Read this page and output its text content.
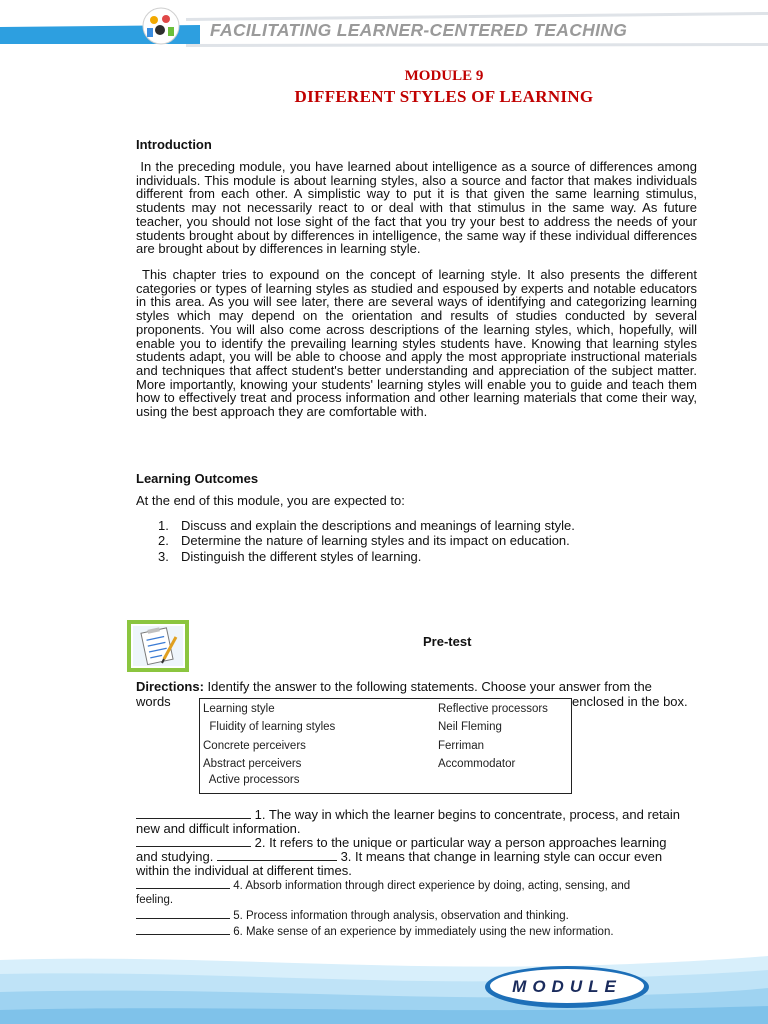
FACILITATING LEARNER-CENTERED TEACHING
MODULE 9
DIFFERENT STYLES OF LEARNING
Introduction

In the preceding module, you have learned about intelligence as a source of differences among individuals. This module is about learning styles, also a source and factor that makes individuals different from each other. A simplistic way to put it is that given the same learning stimulus, students may not necessarily react to or deal with that stimulus in the same way. As future teacher, you should not lose sight of the fact that you try your best to address the needs of your students brought about by differences in intelligence, the same way if these individual differences are brought about by differences in learning style.

This chapter tries to expound on the concept of learning style. It also presents the different categories or types of learning styles as studied and espoused by experts and notable educators in this area. As you will see later, there are several ways of identifying and categorizing learning styles which may depend on the orientation and results of studies conducted by several proponents. You will also come across descriptions of the learning styles, which, hopefully, will enable you to identify the prevailing learning styles students have. Knowing that learning styles students adapt, you will be able to choose and apply the most appropriate instructional materials and techniques that affect student's better understanding and appreciation of the subject matter. More importantly, knowing your students' learning styles will enable you to guide and teach them how to effectively treat and process information and other learning materials that come their way, using the best approach they are comfortable with.

Learning Outcomes
At the end of this module, you are expected to:
1. Discuss and explain the descriptions and meanings of learning style.
2. Determine the nature of learning styles and its impact on education.
3. Distinguish the different styles of learning.
Pre-test
Directions: Identify the answer to the following statements. Choose your answer from the
words	enclosed in the box.
Learning style	Reflective processors
Fluidity of learning styles	Neil Fleming
Concrete perceivers	Ferriman
Abstract perceivers	Accommodator
Active processors
1. The way in which the learner begins to concentrate, process, and retain
new and difficult information.
2. It refers to the unique or particular way a person approaches learning
and studying.	3. It means that change in learning style can occur even
within the individual at different times.
4. Absorb information through direct experience by doing, acting, sensing, and
feeling.
5. Process information through analysis, observation and thinking.
6. Make sense of an experience by immediately using the new information.
MODULE
